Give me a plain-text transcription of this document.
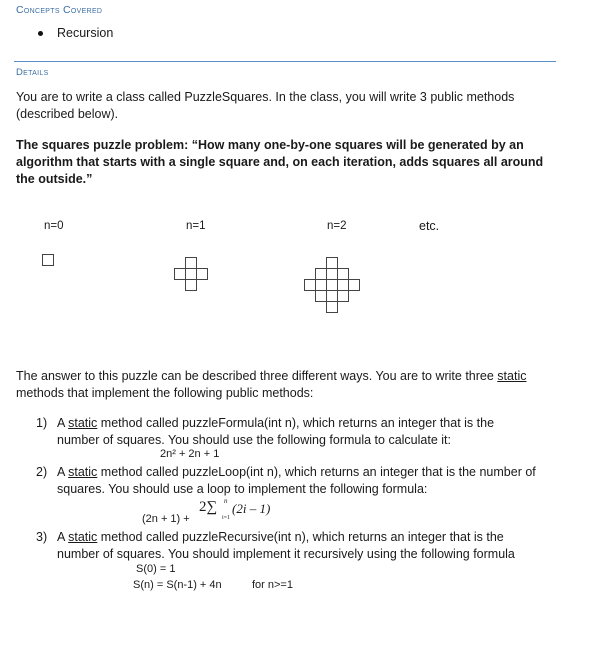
Concepts Covered
Recursion
Details
You are to write a class called PuzzleSquares. In the class, you will write 3 public methods (described below).
The squares puzzle problem: “How many one-by-one squares will be generated by an algorithm that starts with a single square and, on each iteration, adds squares all around the outside.”
n=0	n=1	n=2	etc.
The answer to this puzzle can be described three different ways. You are to write three static methods that implement the following public methods:
1) A static method called puzzleFormula(int n), which returns an integer that is the number of squares. You should use the following formula to calculate it:
2n² + 2n + 1
2) A static method called puzzleLoop(int n), which returns an integer that is the number of squares. You should use a loop to implement the following formula:
(2n + 1) +
2∑ n
i=1
(2i – 1)
3) A static method called puzzleRecursive(int n), which returns an integer that is the number of squares. You should implement it recursively using the following formula
S(0) = 1
S(n) = S(n-1) + 4n	for n>=1
